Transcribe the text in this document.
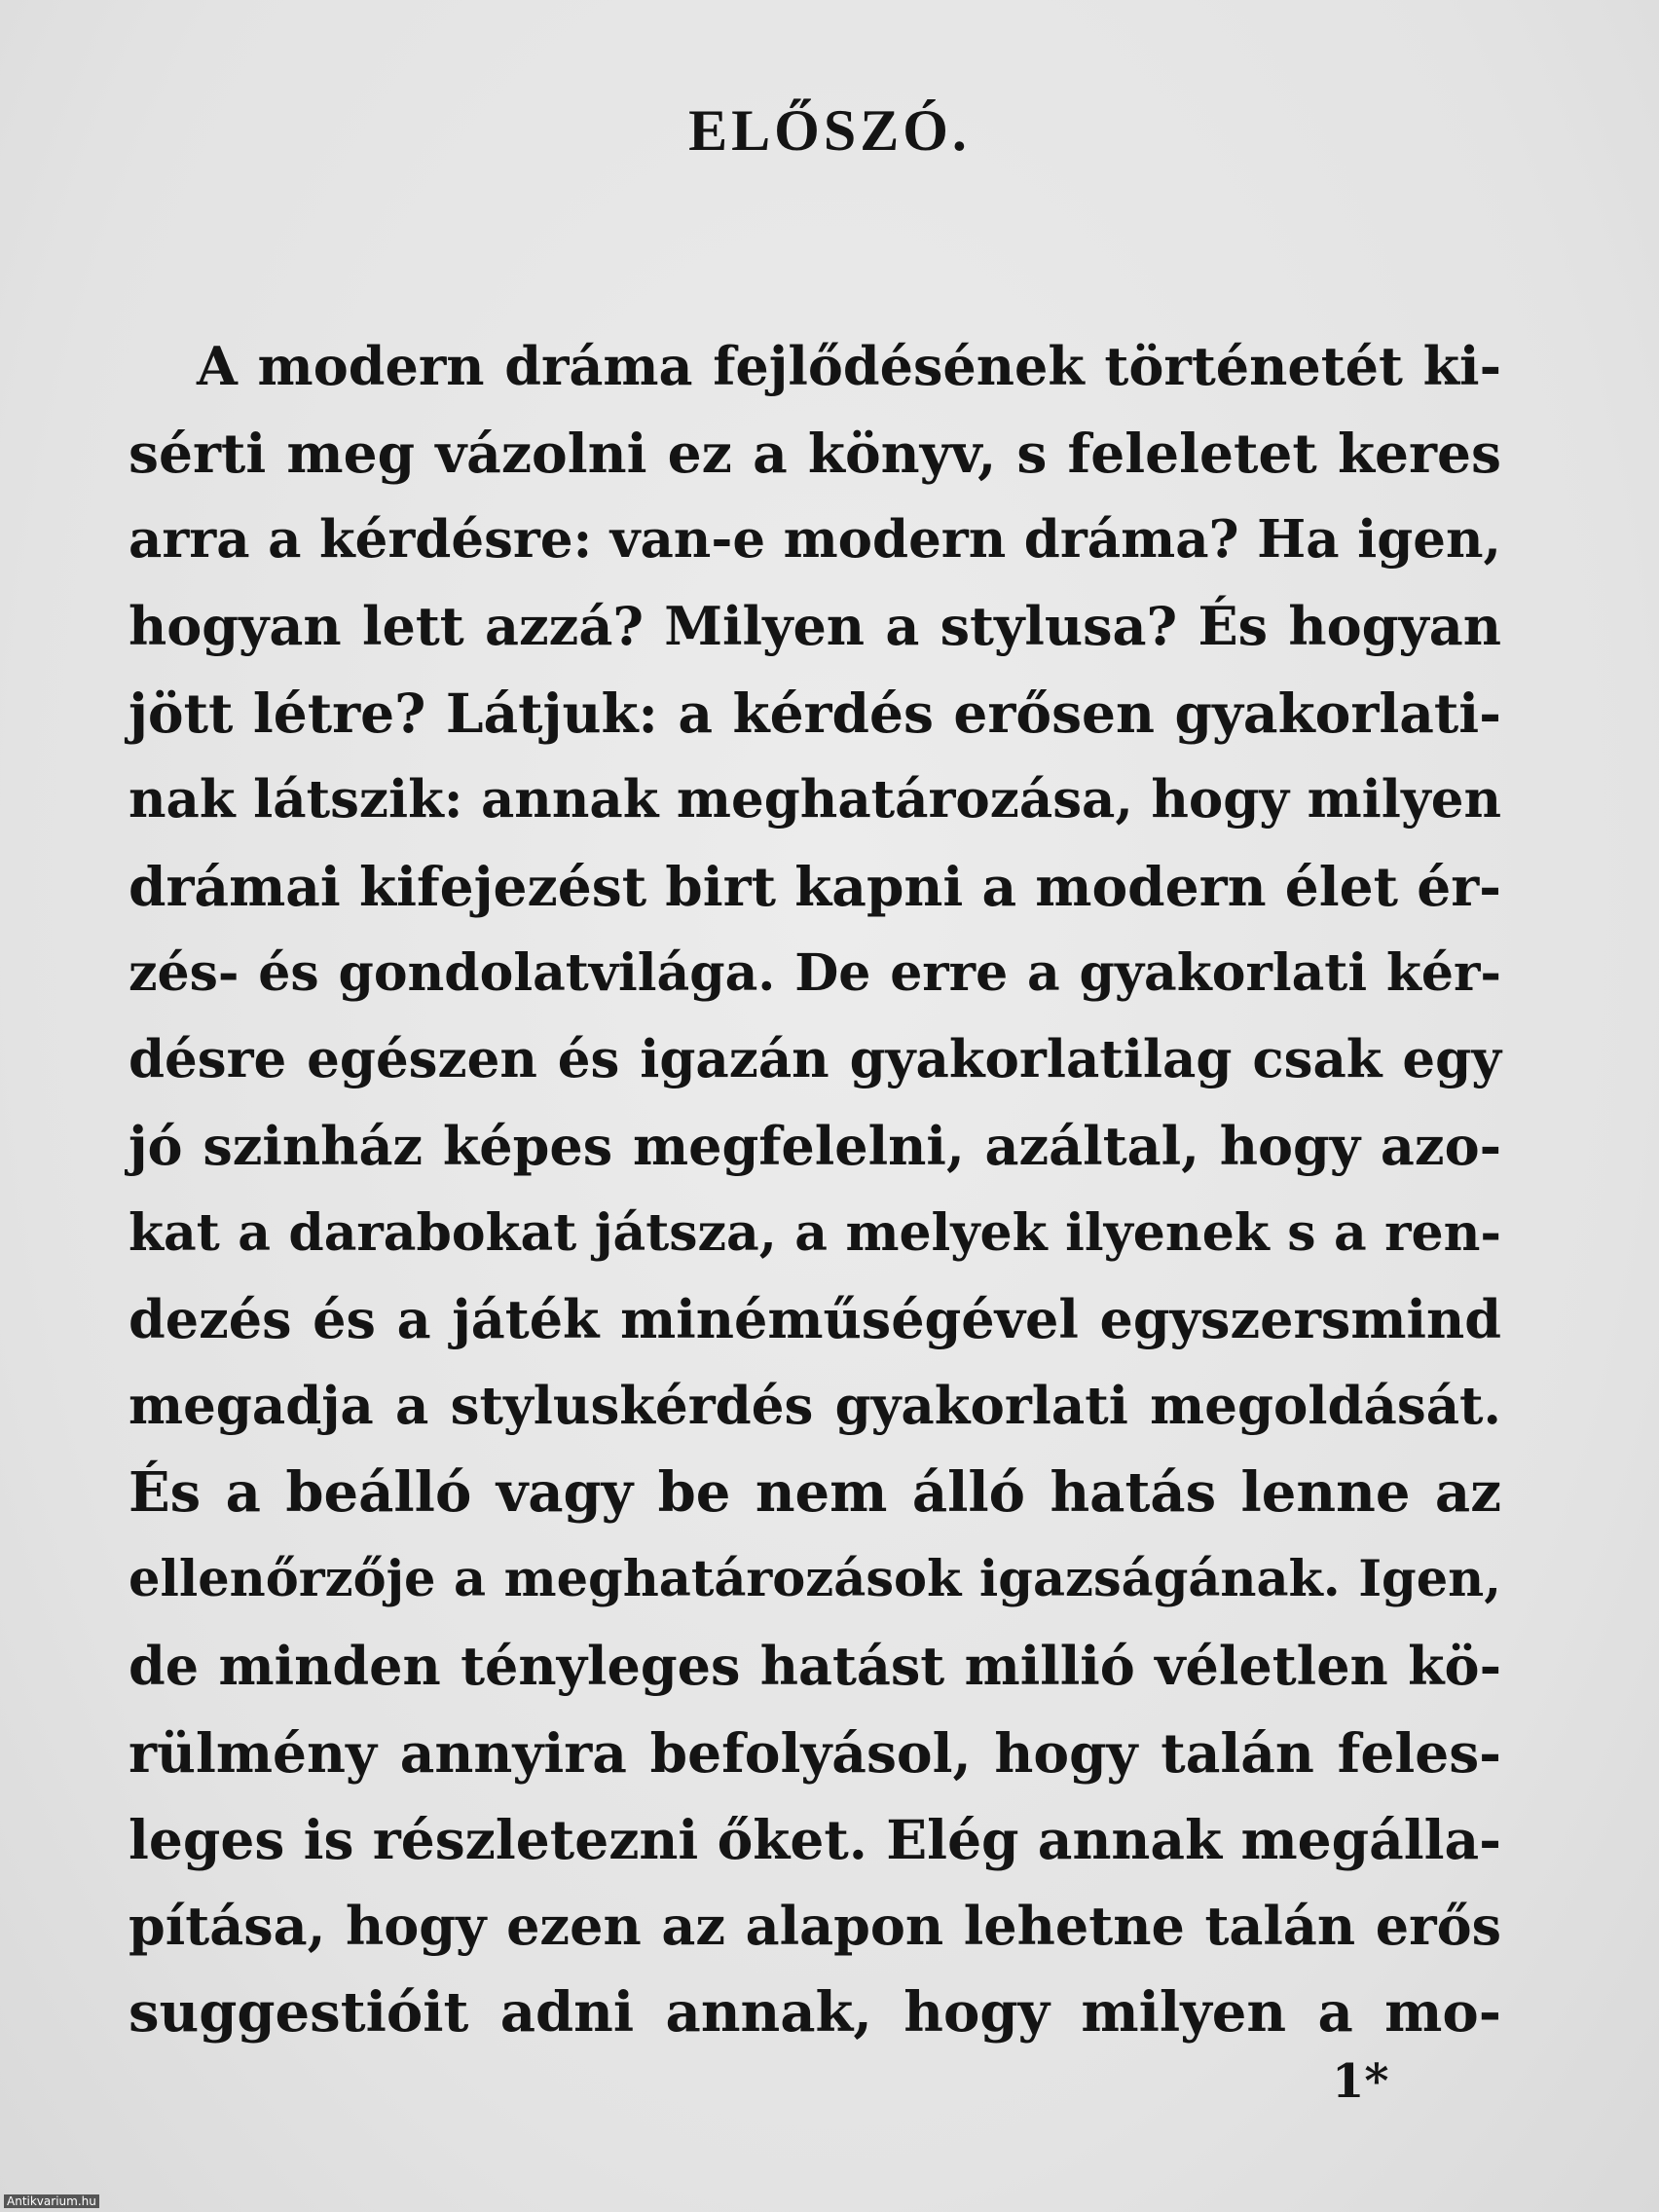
ELŐSZÓ.
A modern dráma fejlődésének történetét ki-
sérti meg vázolni ez a könyv, s feleletet keres
arra a kérdésre: van-e modern dráma? Ha igen,
hogyan lett azzá? Milyen a stylusa? És hogyan
jött létre? Látjuk: a kérdés erősen gyakorlati-
nak látszik: annak meghatározása, hogy milyen
drámai kifejezést birt kapni a modern élet ér-
zés- és gondolatvilága. De erre a gyakorlati kér-
désre egészen és igazán gyakorlatilag csak egy
jó szinház képes megfelelni, azáltal, hogy azo-
kat a darabokat játsza, a melyek ilyenek s a ren-
dezés és a játék minéműségével egyszersmind
megadja a styluskérdés gyakorlati megoldását.
És a beálló vagy be nem álló hatás lenne az
ellenőrzője a meghatározások igazságának. Igen,
de minden tényleges hatást millió véletlen kö-
rülmény annyira befolyásol, hogy talán feles-
leges is részletezni őket. Elég annak megálla-
pítása, hogy ezen az alapon lehetne talán erős
suggestióit adni annak, hogy milyen a mo-
1*
Antikvarium.hu
